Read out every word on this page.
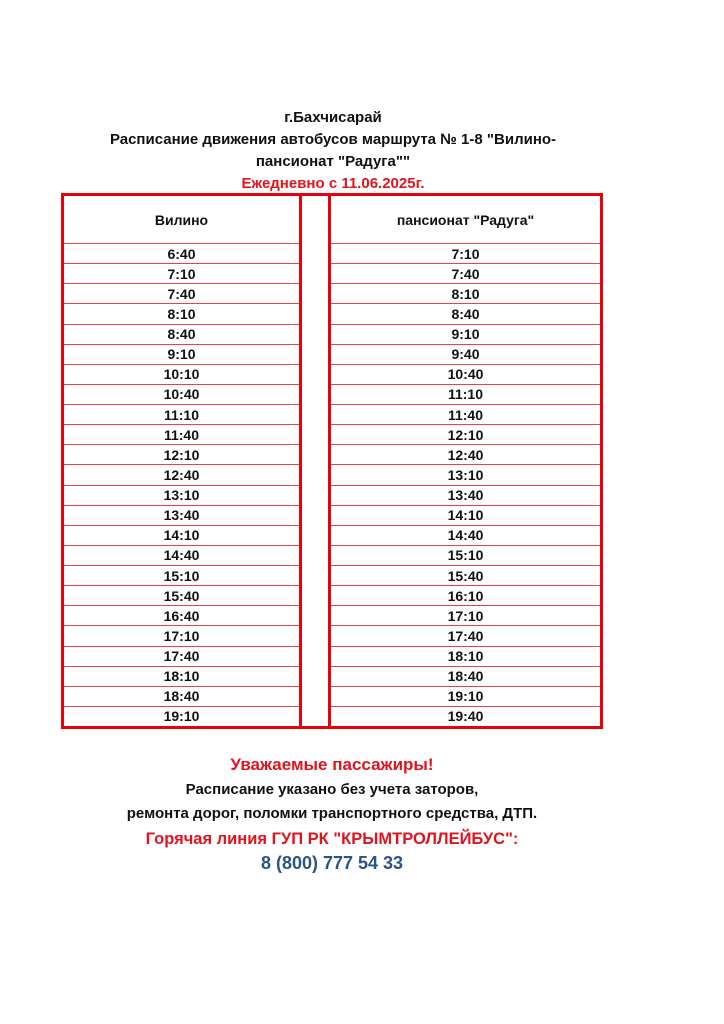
г.Бахчисарай
Расписание движения автобусов маршрута № 1-8 "Вилино-пансионат "Радуга""
Ежедневно с 11.06.2025г.
Вилино
6:40
7:10
7:40
8:10
8:40
9:10
10:10
10:40
11:10
11:40
12:10
12:40
13:10
13:40
14:10
14:40
15:10
15:40
16:40
17:10
17:40
18:10
18:40
19:10
пансионат "Радуга"
7:10
7:40
8:10
8:40
9:10
9:40
10:40
11:10
11:40
12:10
12:40
13:10
13:40
14:10
14:40
15:10
15:40
16:10
17:10
17:40
18:10
18:40
19:10
19:40
Уважаемые пассажиры!
Расписание указано без учета заторов,
ремонта дорог, поломки транспортного средства, ДТП.
Горячая линия ГУП РК "КРЫМТРОЛЛЕЙБУС":
8 (800) 777 54 33
